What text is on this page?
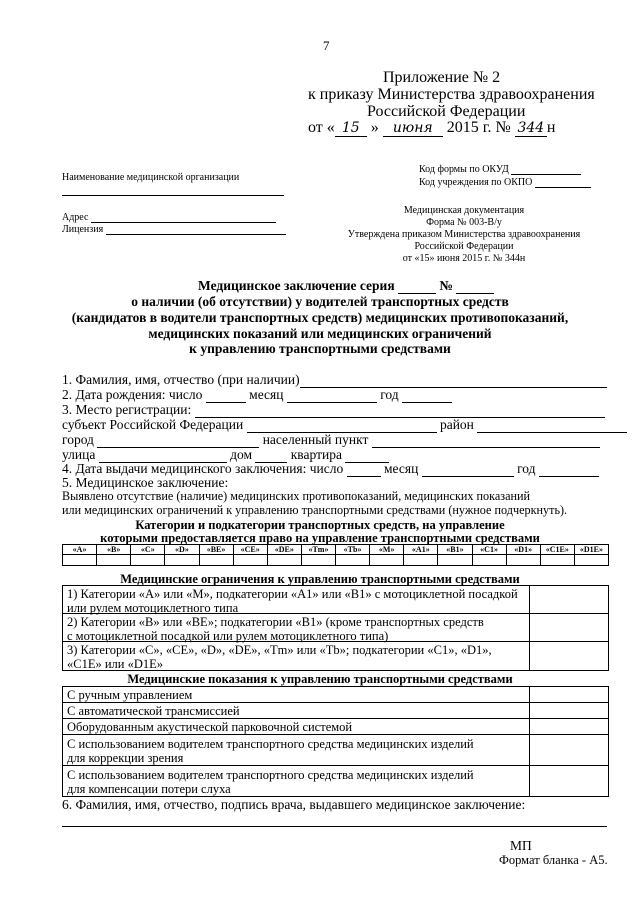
7
Приложение № 2
к приказу Министерства здравоохранения
Российской Федерации
от « 15 » июня 2015 г. № 344 н
Наименование медицинской организации
Код формы по ОКУД
Код учреждения по ОКПО
Адрес
Лицензия
Медицинская документация
Форма № 003-В/у
Утверждена приказом Министерства здравоохранения
Российской Федерации
от «15» июня 2015 г. № 344н
Медицинское заключение серия	№
о наличии (об отсутствии) у водителей транспортных средств
(кандидатов в водители транспортных средств) медицинских противопоказаний,
медицинских показаний или медицинских ограничений
к управлению транспортными средствами
1. Фамилия, имя, отчество (при наличии)
2. Дата рождения: число	месяц	год
3. Место регистрации:
субъект Российской Федерации	район
город	населенный пункт
улица	дом	квартира
4. Дата выдачи медицинского заключения: число	месяц	год
5. Медицинское заключение:
Выявлено отсутствие (наличие) медицинских противопоказаний, медицинских показаний
или медицинских ограничений к управлению транспортными средствами (нужное подчеркнуть).
Категории и подкатегории транспортных средств, на управление
которыми предоставляется право на управление транспортными средствами
«A»	«B»	«C»	«D»	«BE»	«CE»	«DE»	«Tm»	«Tb»	«M»	«A1»	«B1»	«C1»	«D1»	«C1E»	«D1E»

Медицинские ограничения к управлению транспортными средствами
1) Категории «А» или «М», подкатегории «А1» или «В1» с мотоциклетной посадкой
или рулем мотоциклетного типа
2) Категории «В» или «ВЕ»; подкатегории «В1» (кроме транспортных средств
с мотоциклетной посадкой или рулем мотоциклетного типа)
3) Категории «С», «СЕ», «D», «DE», «Tm» или «Tb»; подкатегории «С1», «D1»,
«С1Е» или «D1E»
Медицинские показания к управлению транспортными средствами
С ручным управлением
С автоматической трансмиссией
Оборудованным акустической парковочной системой
С использованием водителем транспортного средства медицинских изделий
для коррекции зрения
С использованием водителем транспортного средства медицинских изделий
для компенсации потери слуха
6. Фамилия, имя, отчество, подпись врача, выдавшего медицинское заключение:
МП
Формат бланка - А5.
